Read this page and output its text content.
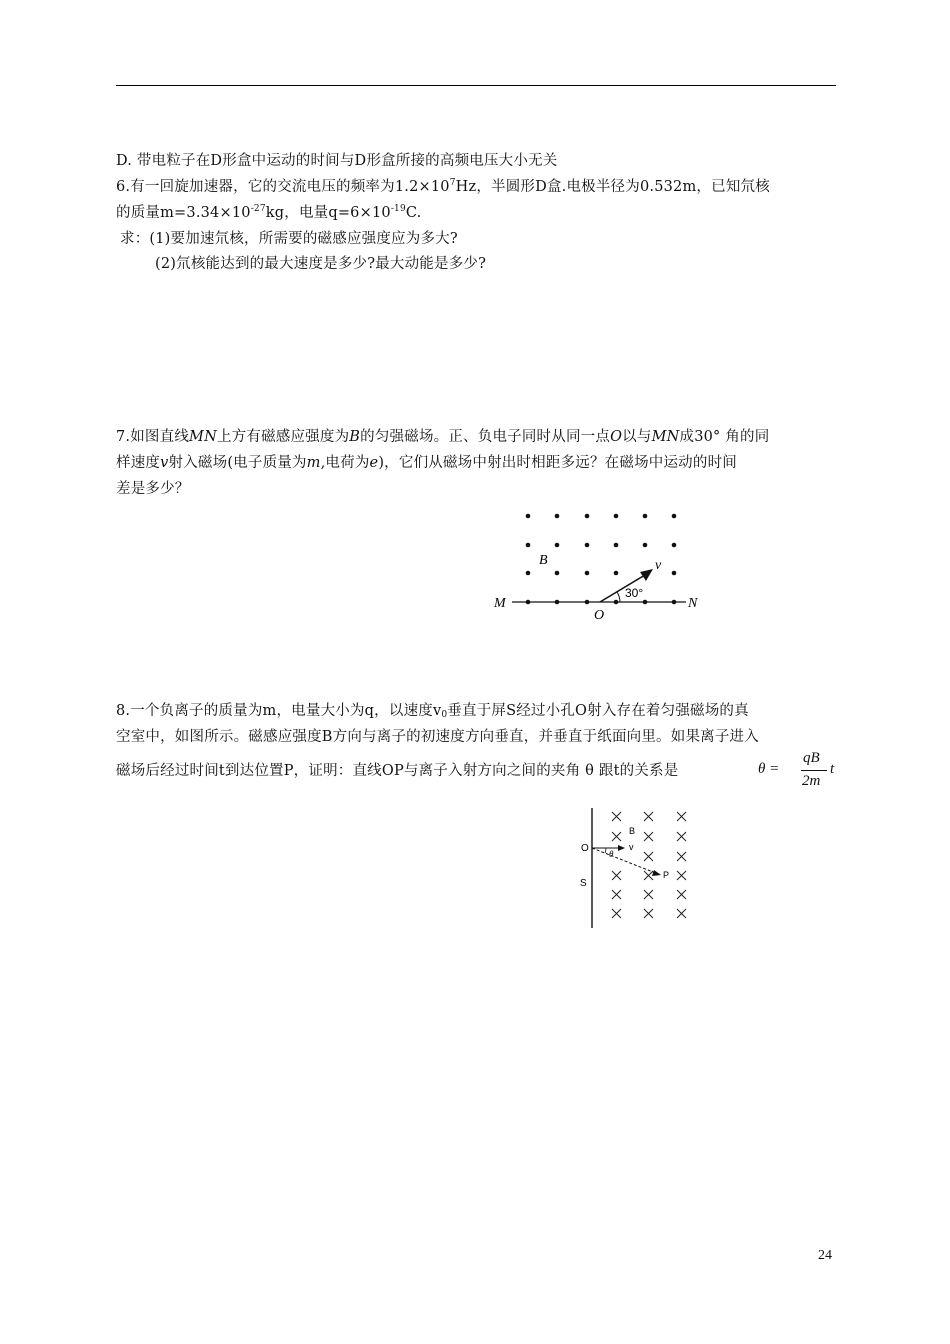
D. 带电粒子在D形盒中运动的时间与D形盒所接的高频电压大小无关
6.有一回旋加速器，它的交流电压的频率为$1.2\times 10^7Hz$，半圆形D盒.电极半径为0.532m，已知氘核
的质量$m=3.34\times 10^{-27}kg$，电量$q=6\times 10^{-19}C$.
求：(1)要加速氘核，所需要的磁感应强度应为多大?
(2)氘核能达到的最大速度是多少?最大动能是多少?
7.如图直线MN上方有磁感应强度为B的匀强磁场。正、负电子同时从同一点O以与MN成30° 角的同
样速度v射入磁场(电子质量为m,电荷为e)，它们从磁场中射出时相距多远？在磁场中运动的时间
差是多少？
B	v
30°
M
O
N
8.一个负离子的质量为m，电量大小为q，以速度$v_0$垂直于屏S经过小孔O射入存在着匀强磁场的真
空室中，如图所示。磁感应强度B方向与离子的初速度方向垂直，并垂直于纸面向里。如果离子进入
磁场后经过时间t到达位置P，证明：直线OP与离子入射方向之间的夹角 θ 跟t的关系是	θ =
qB
2m
t
O
B
v
θ
P
S
24
